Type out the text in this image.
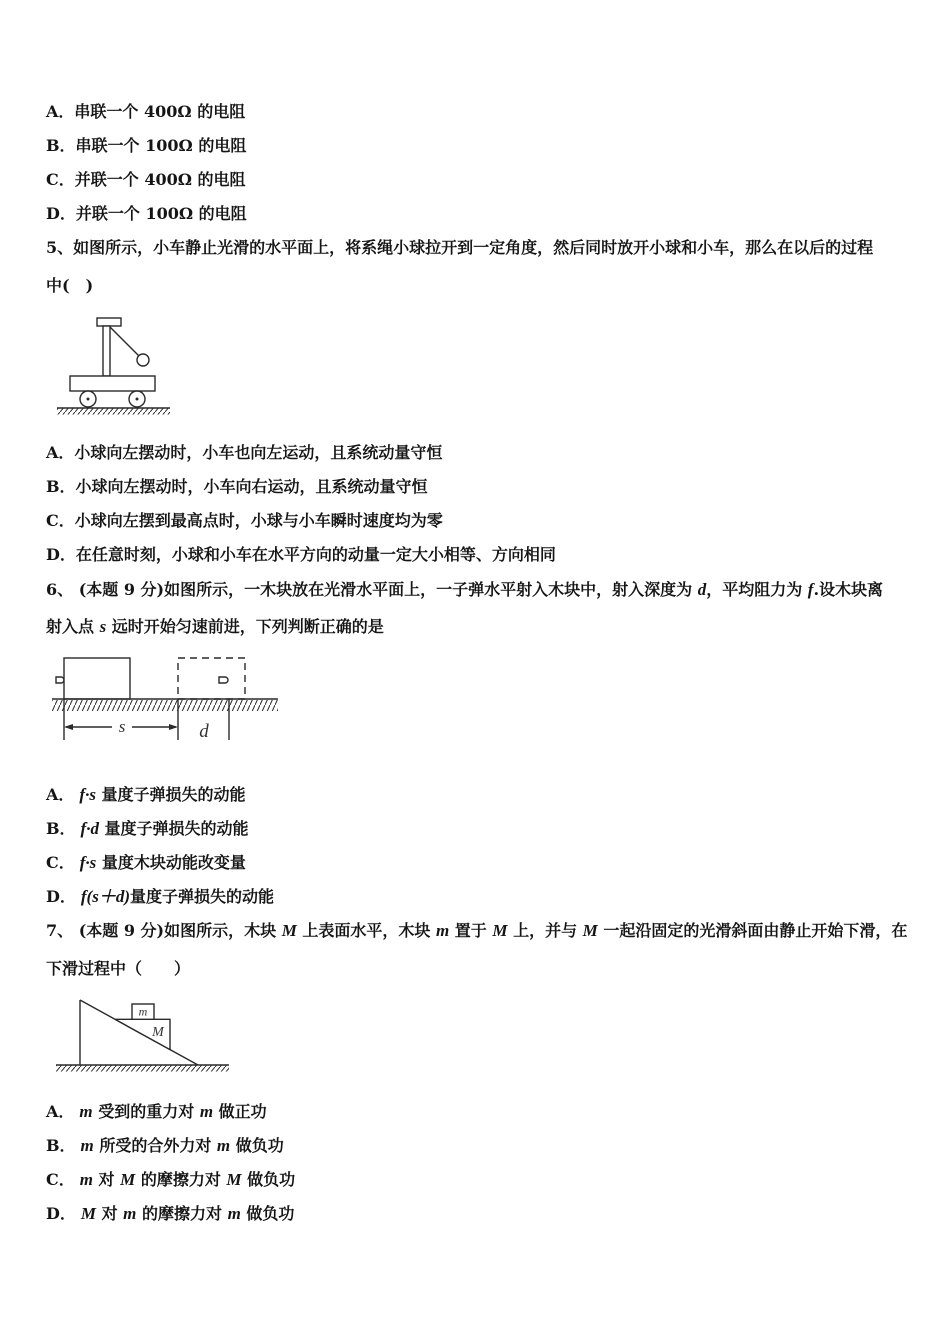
A． 串联一个 400Ω 的电阻
B． 串联一个 100Ω 的电阻
C． 并联一个 400Ω 的电阻
D． 并联一个 100Ω 的电阻
5、如图所示，小车静止光滑的水平面上，将系绳小球拉开到一定角度，然后同时放开小球和小车，那么在以后的过程
中(　)
A． 小球向左摆动时，小车也向左运动，且系统动量守恒
B． 小球向左摆动时，小车向右运动，且系统动量守恒
C． 小球向左摆到最高点时，小球与小车瞬时速度均为零
D． 在任意时刻，小球和小车在水平方向的动量一定大小相等、方向相同
6、 (本题 9 分)如图所示，一木块放在光滑水平面上，一子弹水平射入木块中，射入深度为 d ，平均阻力为 f .设木块离
射入点 s 远时开始匀速前进，下列判断正确的是
s	d
A． f·s 量度子弹损失的动能
B． f·d 量度子弹损失的动能
C． f·s 量度木块动能改变量
D． f(s＋d) 量度子弹损失的动能
7、 (本题 9 分)如图所示，木块 M 上表面水平，木块 m 置于 M 上，并与 M 一起沿固定的光滑斜面由静止开始下滑，在
下滑过程中（　　）
m
M
A． m 受到的重力对 m 做正功
B． m 所受的合外力对 m 做负功
C． m 对 M 的摩擦力对 M 做负功
D． M 对 m 的摩擦力对 m 做负功
